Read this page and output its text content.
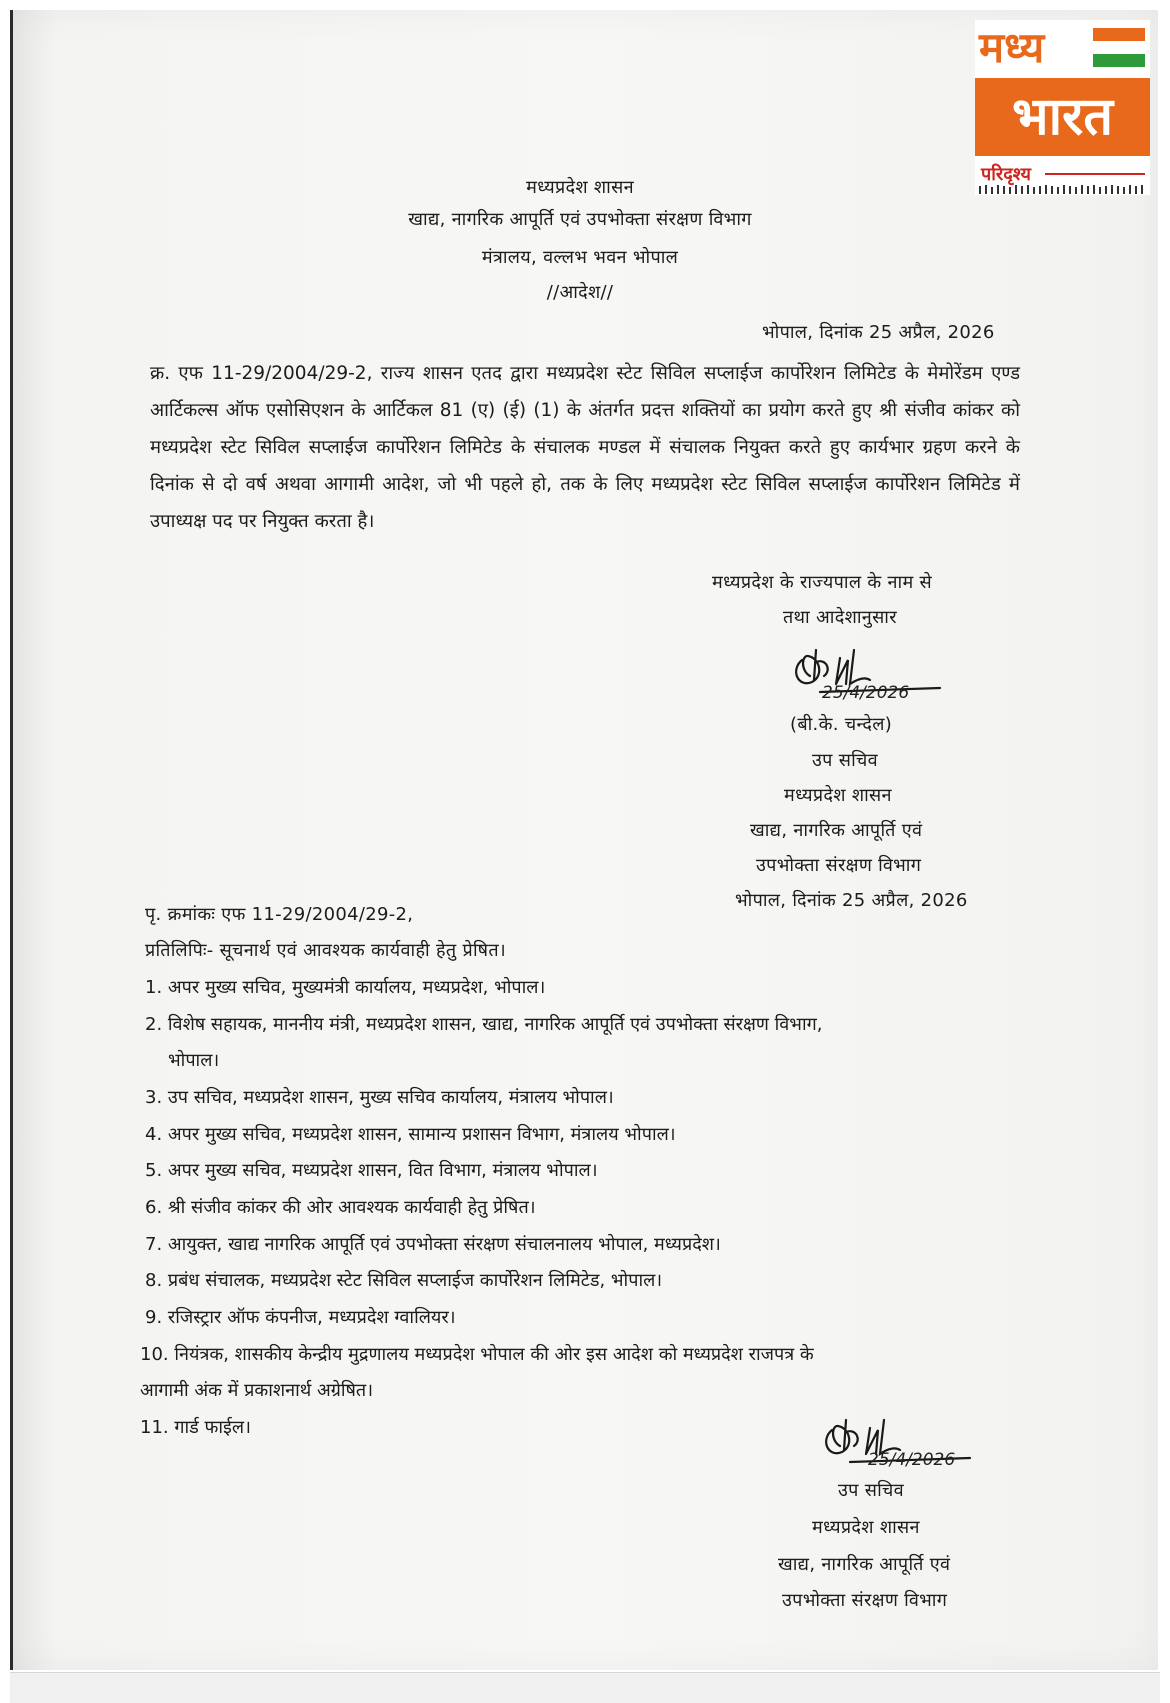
मध्य
भारत
परिदृश्य
मध्यप्रदेश शासन
खाद्य, नागरिक आपूर्ति एवं उपभोक्ता संरक्षण विभाग
मंत्रालय, वल्लभ भवन भोपाल
//आदेश//
भोपाल, दिनांक 25 अप्रैल, 2026
क्र. एफ 11-29/2004/29-2, राज्य शासन एतद द्वारा मध्यप्रदेश स्टेट सिविल सप्लाईज कार्पोरेशन लिमिटेड के मेमोरेंडम एण्ड आर्टिकल्स ऑफ एसोसिएशन के आर्टिकल 81 (ए) (ई) (1) के अंतर्गत प्रदत्त शक्तियों का प्रयोग करते हुए श्री संजीव कांकर को मध्यप्रदेश स्टेट सिविल सप्लाईज कार्पोरेशन लिमिटेड के संचालक मण्डल में संचालक नियुक्त करते हुए कार्यभार ग्रहण करने के दिनांक से दो वर्ष अथवा आगामी आदेश, जो भी पहले हो, तक के लिए मध्यप्रदेश स्टेट सिविल सप्लाईज कार्पोरेशन लिमिटेड में उपाध्यक्ष पद पर नियुक्त करता है।
मध्यप्रदेश के राज्यपाल के नाम से
तथा आदेशानुसार
25/4/2026
(बी.के. चन्देल)
उप सचिव
मध्यप्रदेश शासन
खाद्य, नागरिक आपूर्ति एवं
उपभोक्ता संरक्षण विभाग
भोपाल, दिनांक 25 अप्रैल, 2026
पृ. क्रमांकः एफ 11-29/2004/29-2,
प्रतिलिपिः- सूचनार्थ एवं आवश्यक कार्यवाही हेतु प्रेषित।
1. अपर मुख्य सचिव, मुख्यमंत्री कार्यालय, मध्यप्रदेश, भोपाल।
2. विशेष सहायक, माननीय मंत्री, मध्यप्रदेश शासन, खाद्य, नागरिक आपूर्ति एवं उपभोक्ता संरक्षण विभाग,
भोपाल।
3. उप सचिव, मध्यप्रदेश शासन, मुख्य सचिव कार्यालय, मंत्रालय भोपाल।
4. अपर मुख्य सचिव, मध्यप्रदेश शासन, सामान्य प्रशासन विभाग, मंत्रालय भोपाल।
5. अपर मुख्य सचिव, मध्यप्रदेश शासन, वित विभाग, मंत्रालय भोपाल।
6. श्री संजीव कांकर की ओर आवश्यक कार्यवाही हेतु प्रेषित।
7. आयुक्त, खाद्य नागरिक आपूर्ति एवं उपभोक्ता संरक्षण संचालनालय भोपाल, मध्यप्रदेश।
8. प्रबंध संचालक, मध्यप्रदेश स्टेट सिविल सप्लाईज कार्पोरेशन लिमिटेड, भोपाल।
9. रजिस्ट्रार ऑफ कंपनीज, मध्यप्रदेश ग्वालियर।
10. नियंत्रक, शासकीय केन्द्रीय मुद्रणालय मध्यप्रदेश भोपाल की ओर इस आदेश को मध्यप्रदेश राजपत्र के
आगामी अंक में प्रकाशनार्थ अग्रेषित।
11. गार्ड फाईल।
25/4/2026
उप सचिव
मध्यप्रदेश शासन
खाद्य, नागरिक आपूर्ति एवं
उपभोक्ता संरक्षण विभाग
